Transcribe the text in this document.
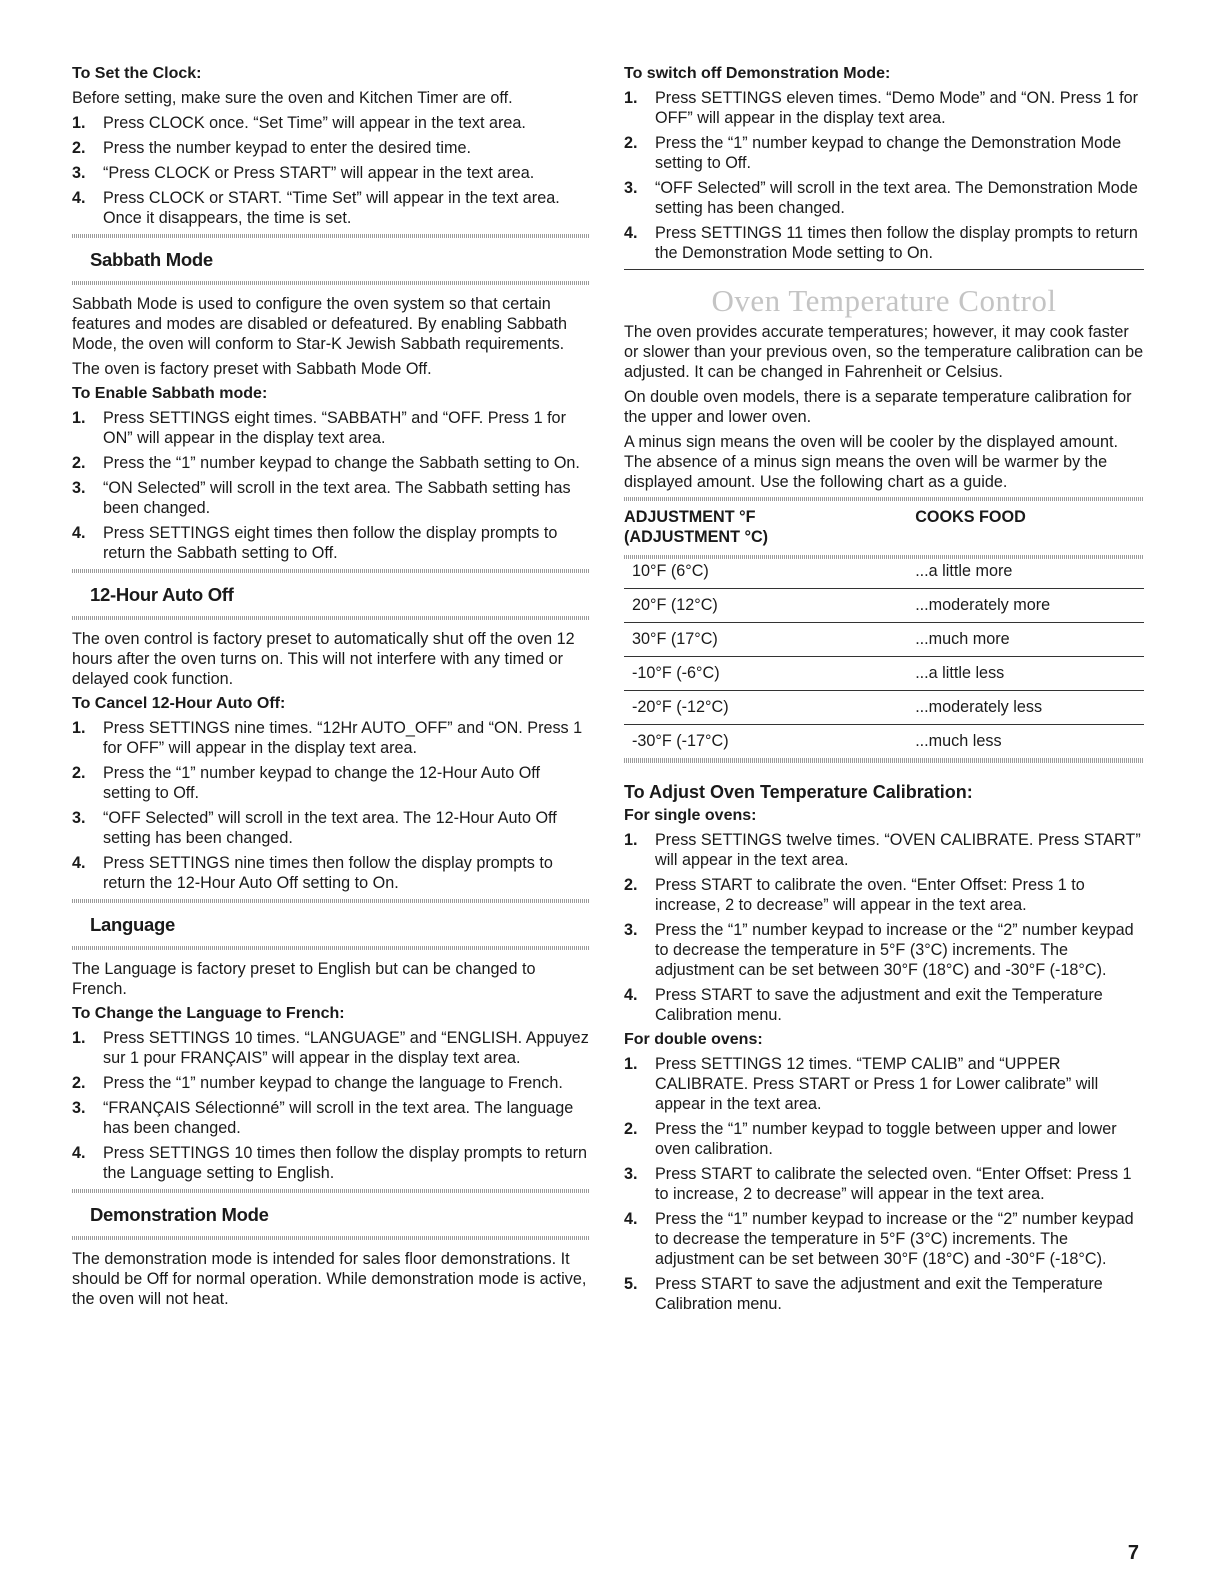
To Set the Clock:

Before setting, make sure the oven and Kitchen Timer are off.

1. Press CLOCK once. “Set Time” will appear in the text area.
2. Press the number keypad to enter the desired time.
3. “Press CLOCK or Press START” will appear in the text area.
4. Press CLOCK or START. “Time Set” will appear in the text area. Once it disappears, the time is set.
Sabbath Mode

Sabbath Mode is used to configure the oven system so that certain features and modes are disabled or defeatured. By enabling Sabbath Mode, the oven will conform to Star-K Jewish Sabbath requirements.

The oven is factory preset with Sabbath Mode Off.

To Enable Sabbath mode:
1. Press SETTINGS eight times. “SABBATH” and “OFF. Press 1 for ON” will appear in the display text area.
2. Press the “1” number keypad to change the Sabbath setting to On.
3. “ON Selected” will scroll in the text area. The Sabbath setting has been changed.
4. Press SETTINGS eight times then follow the display prompts to return the Sabbath setting to Off.
12-Hour Auto Off

The oven control is factory preset to automatically shut off the oven 12 hours after the oven turns on. This will not interfere with any timed or delayed cook function.

To Cancel 12-Hour Auto Off:
1. Press SETTINGS nine times. “12Hr AUTO_OFF” and “ON. Press 1 for OFF” will appear in the display text area.
2. Press the “1” number keypad to change the 12-Hour Auto Off setting to Off.
3. “OFF Selected” will scroll in the text area. The 12-Hour Auto Off setting has been changed.
4. Press SETTINGS nine times then follow the display prompts to return the 12-Hour Auto Off setting to On.
Language

The Language is factory preset to English but can be changed to French.

To Change the Language to French:
1. Press SETTINGS 10 times. “LANGUAGE” and “ENGLISH. Appuyez sur 1 pour FRANÇAIS” will appear in the display text area.
2. Press the “1” number keypad to change the language to French.
3. “FRANÇAIS Sélectionné” will scroll in the text area. The language has been changed.
4. Press SETTINGS 10 times then follow the display prompts to return the Language setting to English.
Demonstration Mode

The demonstration mode is intended for sales floor demonstrations. It should be Off for normal operation. While demonstration mode is active, the oven will not heat.

To switch off Demonstration Mode:
1. Press SETTINGS eleven times. “Demo Mode” and “ON. Press 1 for OFF” will appear in the display text area.
2. Press the “1” number keypad to change the Demonstration Mode setting to Off.
3. “OFF Selected” will scroll in the text area. The Demonstration Mode setting has been changed.
4. Press SETTINGS 11 times then follow the display prompts to return the Demonstration Mode setting to On.
Oven Temperature Control

The oven provides accurate temperatures; however, it may cook faster or slower than your previous oven, so the temperature calibration can be adjusted. It can be changed in Fahrenheit or Celsius.

On double oven models, there is a separate temperature calibration for the upper and lower oven.

A minus sign means the oven will be cooler by the displayed amount. The absence of a minus sign means the oven will be warmer by the displayed amount. Use the following chart as a guide.

ADJUSTMENT °F
(ADJUSTMENT °C)	COOKS FOOD
10°F (6°C)	...a little more
20°F (12°C)	...moderately more
30°F (17°C)	...much more
-10°F (-6°C)	...a little less
-20°F (-12°C)	...moderately less
-30°F (-17°C)	...much less
To Adjust Oven Temperature Calibration:
For single ovens:
1. Press SETTINGS twelve times. “OVEN CALIBRATE. Press START” will appear in the text area.
2. Press START to calibrate the oven. “Enter Offset: Press 1 to increase, 2 to decrease” will appear in the text area.
3. Press the “1” number keypad to increase or the “2” number keypad to decrease the temperature in 5°F (3°C) increments. The adjustment can be set between 30°F (18°C) and -30°F (-18°C).
4. Press START to save the adjustment and exit the Temperature Calibration menu.
For double ovens:
1. Press SETTINGS 12 times. “TEMP CALIB” and “UPPER CALIBRATE. Press START or Press 1 for Lower calibrate” will appear in the text area.
2. Press the “1” number keypad to toggle between upper and lower oven calibration.
3. Press START to calibrate the selected oven. “Enter Offset: Press 1 to increase, 2 to decrease” will appear in the text area.
4. Press the “1” number keypad to increase or the “2” number keypad to decrease the temperature in 5°F (3°C) increments. The adjustment can be set between 30°F (18°C) and -30°F (-18°C).
5. Press START to save the adjustment and exit the Temperature Calibration menu.
7
